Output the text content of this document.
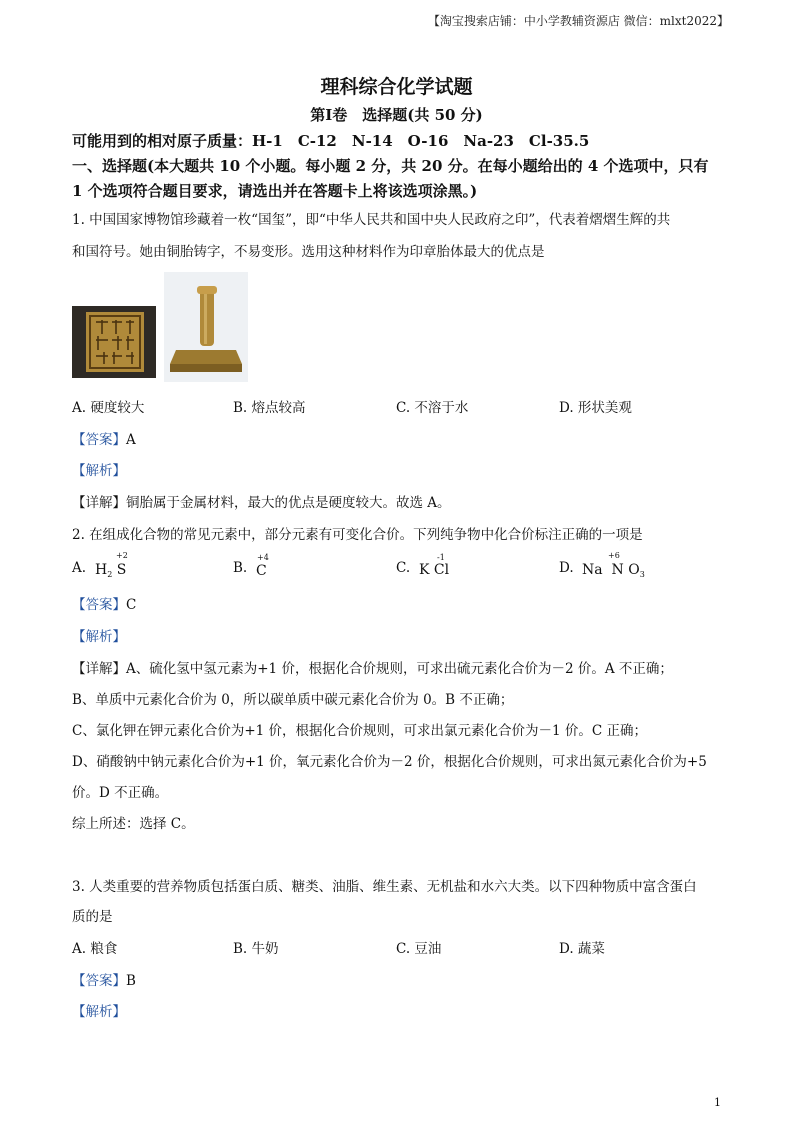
【淘宝搜索店铺：中小学教辅资源店 微信：mlxt2022】
理科综合化学试题
第Ⅰ卷　选择题(共 50 分)
可能用到的相对原子质量：H-1　C-12　N-14　O-16　Na-23　Cl-35.5
一、选择题(本大题共 10 个小题。每小题 2 分，共 20 分。在每小题给出的 4 个选项中，只有
1 个选项符合题目要求，请选出并在答题卡上将该选项涂黑。)
1. 中国国家博物馆珍藏着一枚“国玺”，即“中华人民共和国中央人民政府之印”，代表着熠熠生辉的共
和国符号。她由铜胎铸字，不易变形。选用这种材料作为印章胎体最大的优点是
A. 硬度较大	B. 熔点较高	C. 不溶于水	D. 形状美观
【答案】A
【解析】
【详解】铜胎属于金属材料，最大的优点是硬度较大。故选 A。
2. 在组成化合物的常见元素中，部分元素有可变化合价。下列纯争物中化合价标注正确的一项是
A. $H_2$ S
+2
B. C
+4
C. K Cl
-1
D. Na N $O_3$
+6
【答案】C
【解析】
【详解】A、硫化氢中氢元素为+1 价，根据化合价规则，可求出硫元素化合价为－2 价。A 不正确；
B、单质中元素化合价为 0，所以碳单质中碳元素化合价为 0。B 不正确；
C、氯化钾在钾元素化合价为+1 价，根据化合价规则，可求出氯元素化合价为－1 价。C 正确；
D、硝酸钠中钠元素化合价为+1 价，氧元素化合价为－2 价，根据化合价规则，可求出氮元素化合价为+5
价。D 不正确。
综上所述：选择 C。
3. 人类重要的营养物质包括蛋白质、糖类、油脂、维生素、无机盐和水六大类。以下四种物质中富含蛋白
质的是
A. 粮食	B. 牛奶	C. 豆油	D. 蔬菜
【答案】B
【解析】
1
